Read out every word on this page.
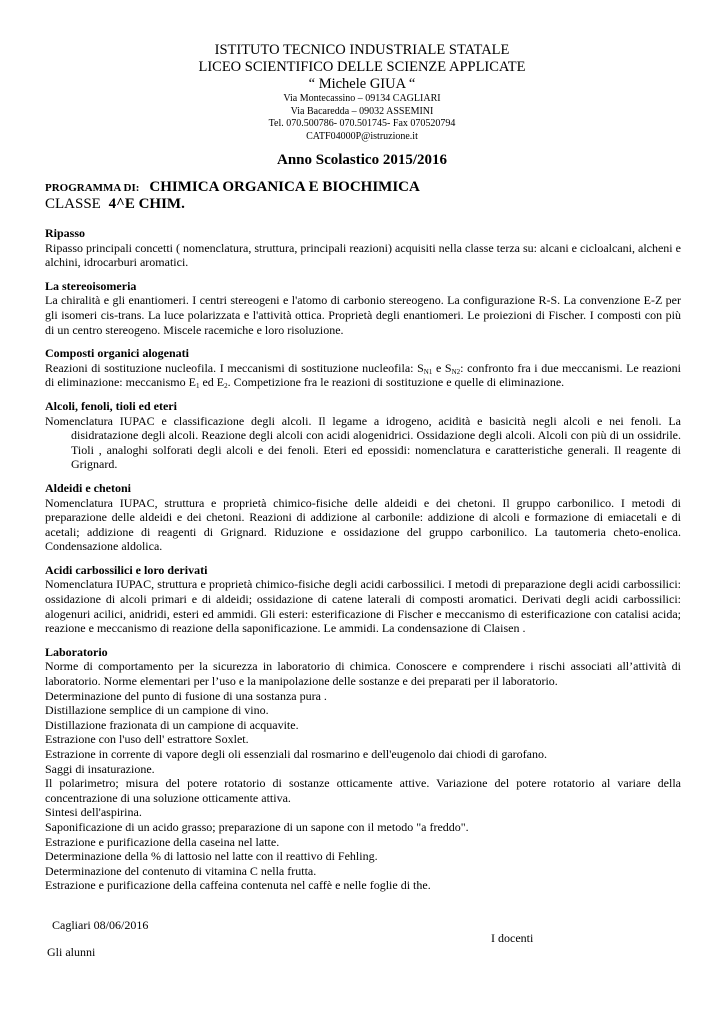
ISTITUTO TECNICO INDUSTRIALE STATALE

LICEO SCIENTIFICO DELLE SCIENZE APPLICATE

“ Michele GIUA “

Via Montecassino – 09134 CAGLIARI

Via Bacaredda – 09032 ASSEMINI

Tel. 070.500786- 070.501745- Fax 070520794

CATF04000P@istruzione.it

Anno Scolastico 2015/2016

PROGRAMMA DI: CHIMICA ORGANICA E BIOCHIMICA
CLASSE 4^E CHIM.

Ripasso

Ripasso principali concetti ( nomenclatura, struttura, principali reazioni) acquisiti nella classe terza su: alcani e cicloalcani, alcheni e alchini, idrocarburi aromatici.

La stereoisomeria

La chiralità e gli enantiomeri. I centri stereogeni e l'atomo di carbonio stereogeno. La configurazione R-S. La convenzione E-Z per gli isomeri cis-trans. La luce polarizzata e l'attività ottica. Proprietà degli enantiomeri. Le proiezioni di Fischer. I composti con più di un centro stereogeno. Miscele racemiche e loro risoluzione.

Composti organici alogenati

Reazioni di sostituzione nucleofila. I meccanismi di sostituzione nucleofila: $S_{N1}$ e $S_{N2}$: confronto fra i due meccanismi. Le reazioni di eliminazione: meccanismo $E_1$ ed $E_2$. Competizione fra le reazioni di sostituzione e quelle di eliminazione.

Alcoli, fenoli, tioli ed eteri

Nomenclatura IUPAC e classificazione degli alcoli. Il legame a idrogeno, acidità e basicità negli alcoli e nei fenoli. La disidratazione degli alcoli. Reazione degli alcoli con acidi alogenidrici. Ossidazione degli alcoli. Alcoli con più di un ossidrile. Tioli , analoghi solforati degli alcoli e dei fenoli. Eteri ed epossidi: nomenclatura e caratteristiche generali. Il reagente di Grignard.

Aldeidi e chetoni

Nomenclatura IUPAC, struttura e proprietà chimico-fisiche delle aldeidi e dei chetoni. Il gruppo carbonilico. I metodi di preparazione delle aldeidi e dei chetoni. Reazioni di addizione al carbonile: addizione di alcoli e formazione di emiacetali e di acetali; addizione di reagenti di Grignard. Riduzione e ossidazione del gruppo carbonilico. La tautomeria cheto-enolica. Condensazione aldolica.

Acidi carbossilici e loro derivati

Nomenclatura IUPAC, struttura e proprietà chimico-fisiche degli acidi carbossilici. I metodi di preparazione degli acidi carbossilici: ossidazione di alcoli primari e di aldeidi; ossidazione di catene laterali di composti aromatici. Derivati degli acidi carbossilici: alogenuri acilici, anidridi, esteri ed ammidi. Gli esteri: esterificazione di Fischer e meccanismo di esterificazione con catalisi acida; reazione e meccanismo di reazione della saponificazione. Le ammidi. La condensazione di Claisen .

Laboratorio

Norme di comportamento per la sicurezza in laboratorio di chimica. Conoscere e comprendere i rischi associati all’attività di laboratorio. Norme elementari per l’uso e la manipolazione delle sostanze e dei preparati per il laboratorio.

Determinazione del punto di fusione di una sostanza pura .

Distillazione semplice di un campione di vino.

Distillazione frazionata di un campione di acquavite.

Estrazione con l'uso dell' estrattore Soxlet.

Estrazione in corrente di vapore degli oli essenziali dal rosmarino e dell'eugenolo dai chiodi di garofano.

Saggi di insaturazione.

Il polarimetro; misura del potere rotatorio di sostanze otticamente attive. Variazione del potere rotatorio al variare della concentrazione di una soluzione otticamente attiva.

Sintesi dell'aspirina.

Saponificazione di un acido grasso; preparazione di un sapone con il metodo "a freddo".

Estrazione e purificazione della caseina nel latte.

Determinazione della % di lattosio nel latte con il reattivo di Fehling.

Determinazione del contenuto di vitamina C nella frutta.

Estrazione e purificazione della caffeina contenuta nel caffè e nelle foglie di the.

Cagliari 08/06/2016
I docenti
Gli alunni
